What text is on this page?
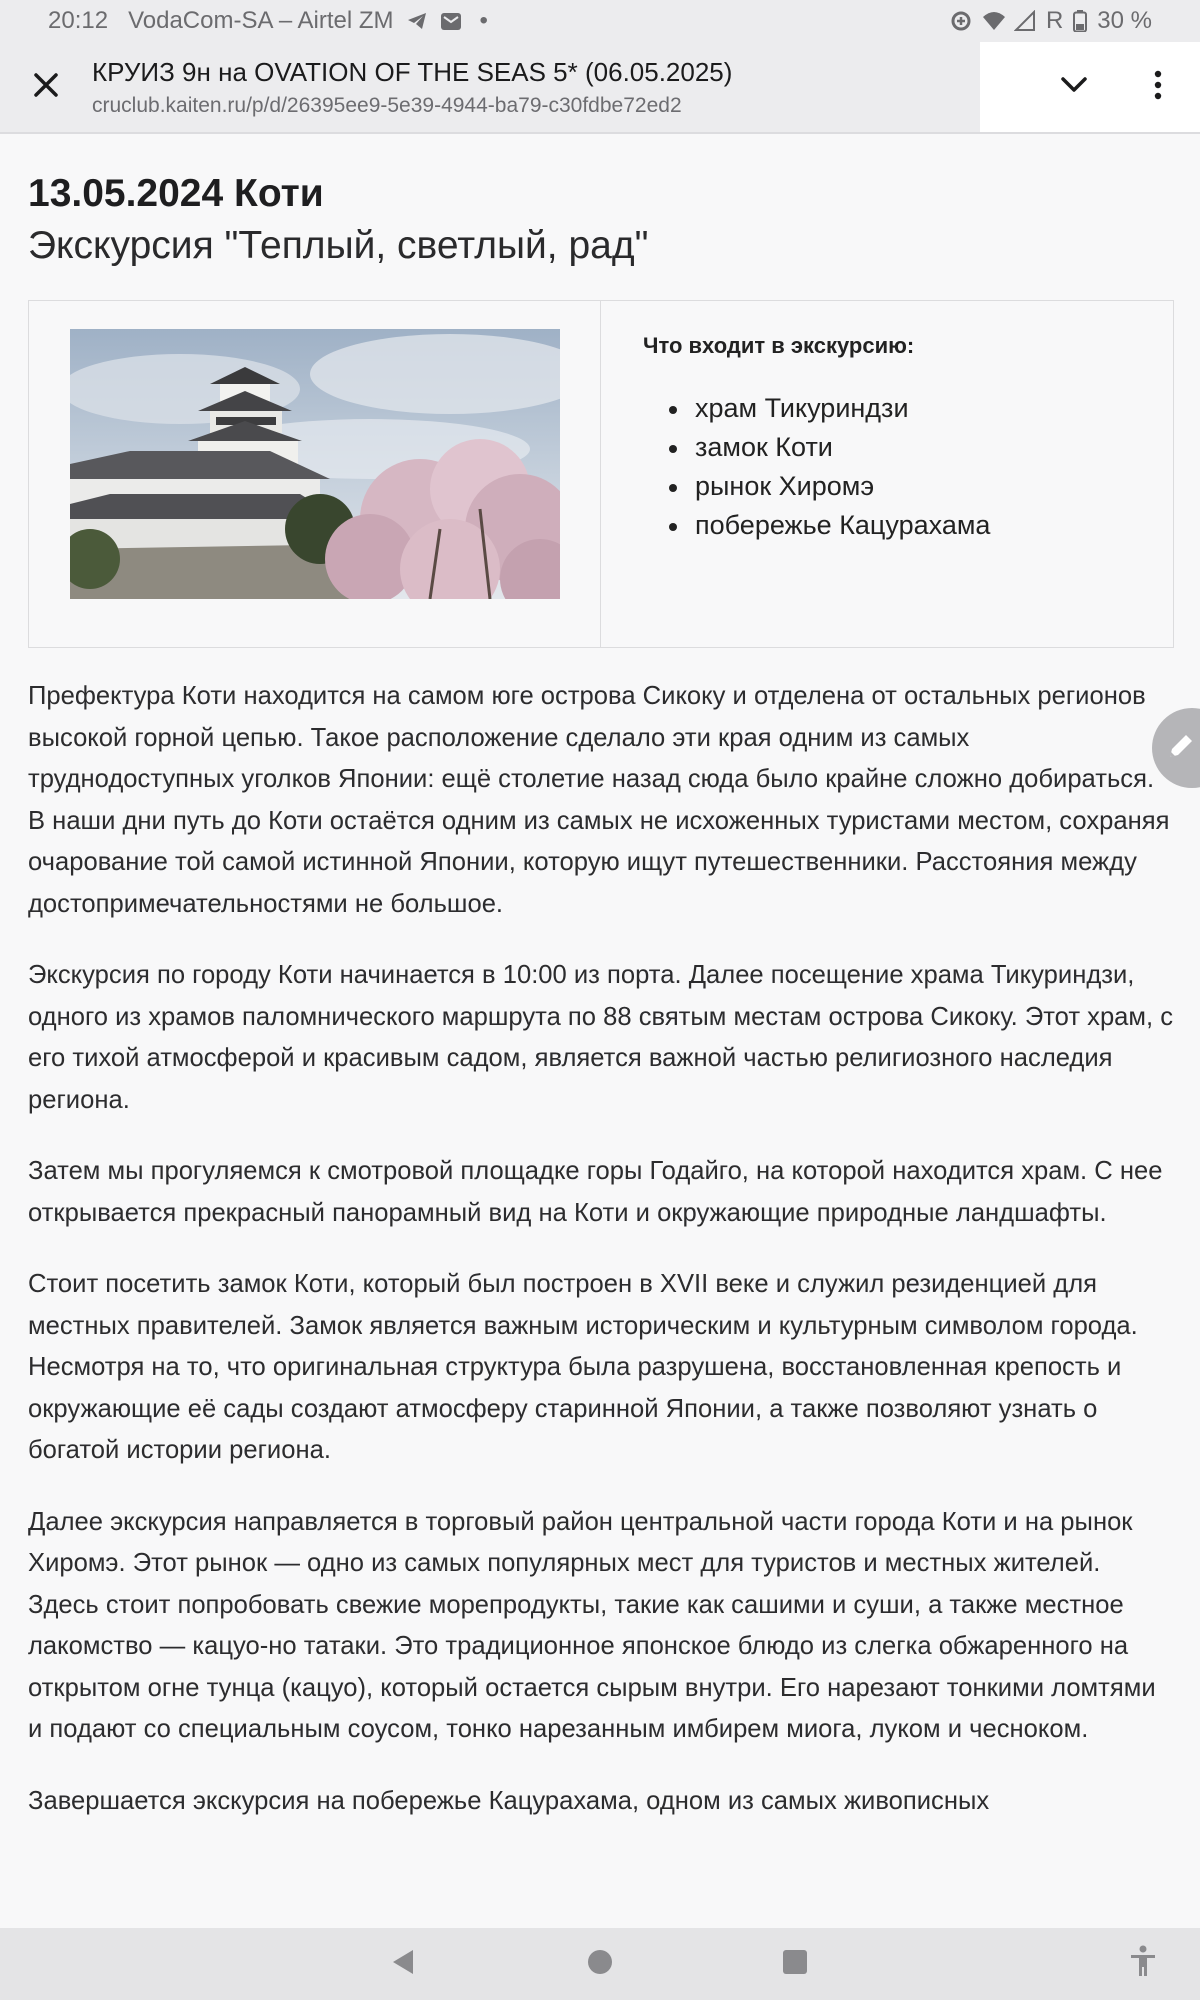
20:12 VodaCom-SA – Airtel ZM	•	R 30 %
КРУИЗ 9н на OVATION OF THE SEAS 5* (06.05.2025)
cruclub.kaiten.ru/p/d/26395ee9-5e39-4944-ba79-c30fdbe72ed2
13.05.2024 Коти
Экскурсия "Теплый, светлый, рад"
Что входит в экскурсию:
храм Тикуриндзи
замок Коти
рынок Хиромэ
побережье Кацурахама

Префектура Коти находится на самом юге острова Сикоку и отделена от остальных регионов высокой горной цепью. Такое расположение сделало эти края одним из самых труднодоступных уголков Японии: ещё столетие назад сюда было крайне сложно добираться. В наши дни путь до Коти остаётся одним из самых не исхоженных туристами местом, сохраняя очарование той самой истинной Японии, которую ищут путешественники. Расстояния между достопримечательностями не большое.

Экскурсия по городу Коти начинается в 10:00 из порта. Далее посещение храма Тикуриндзи, одного из храмов паломнического маршрута по 88 святым местам острова Сикоку. Этот храм, с его тихой атмосферой и красивым садом, является важной частью религиозного наследия региона.

Затем мы прогуляемся к смотровой площадке горы Годайго, на которой находится храм. С нее открывается прекрасный панорамный вид на Коти и окружающие природные ландшафты.

Стоит посетить замок Коти, который был построен в XVII веке и служил резиденцией для местных правителей. Замок является важным историческим и культурным символом города. Несмотря на то, что оригинальная структура была разрушена, восстановленная крепость и окружающие её сады создают атмосферу старинной Японии, а также позволяют узнать о богатой истории региона.

Далее экскурсия направляется в торговый район центральной части города Коти и на рынок Хиромэ. Этот рынок — одно из самых популярных мест для туристов и местных жителей. Здесь стоит попробовать свежие морепродукты, такие как сашими и суши, а также местное лакомство — кацуо-но татаки. Это традиционное японское блюдо из слегка обжаренного на открытом огне тунца (кацуо), который остается сырым внутри. Его нарезают тонкими ломтями и подают со специальным соусом, тонко нарезанным имбирем миога, луком и чесноком.

Завершается экскурсия на побережье Кацурахама, одном из самых живописных
